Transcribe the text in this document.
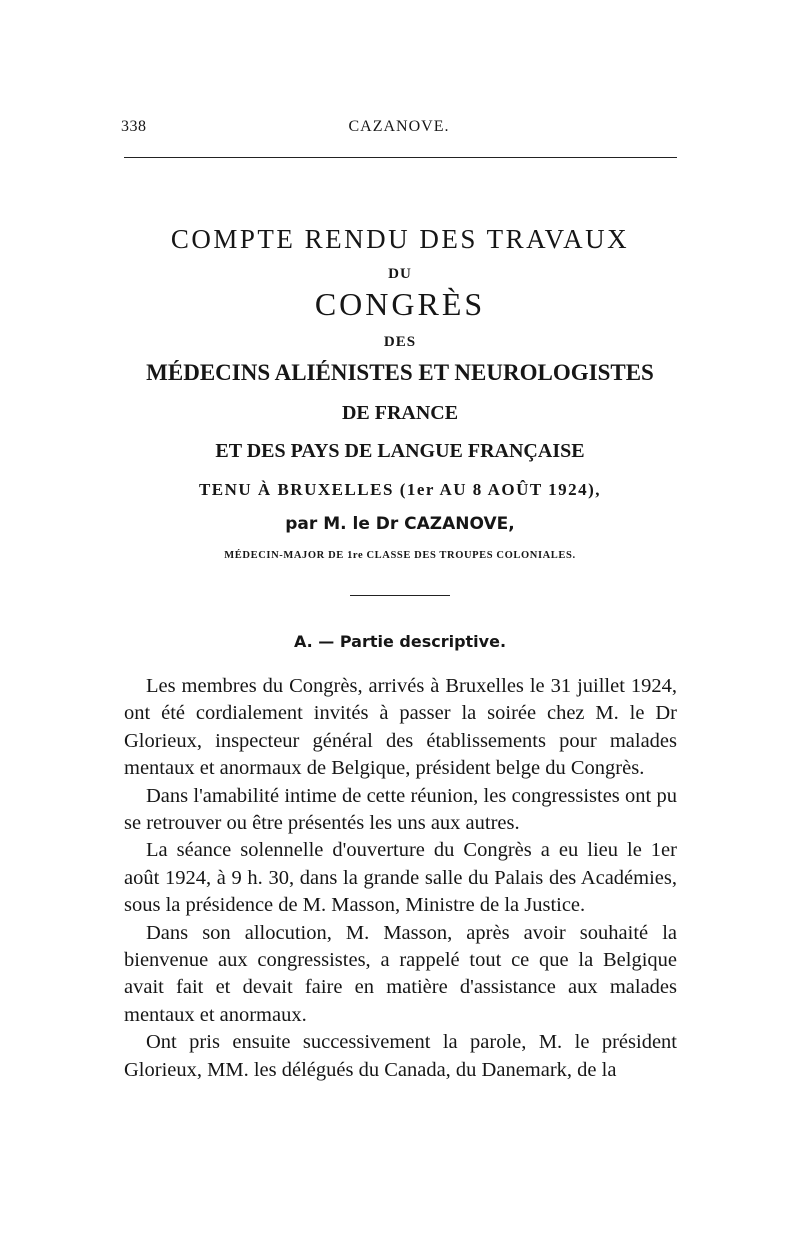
338	CAZANOVE.
COMPTE RENDU DES TRAVAUX
DU
CONGRÈS
DES
MÉDECINS ALIÉNISTES ET NEUROLOGISTES
DE FRANCE
ET DES PAYS DE LANGUE FRANÇAISE
TENU À BRUXELLES (1er AU 8 AOÛT 1924),
par M. le Dr CAZANOVE,
MÉDECIN-MAJOR DE 1re CLASSE DES TROUPES COLONIALES.
A. — Partie descriptive.

Les membres du Congrès, arrivés à Bruxelles le 31 juillet 1924, ont été cordialement invités à passer la soirée chez M. le Dr Glorieux, inspecteur général des établissements pour malades mentaux et anormaux de Belgique, président belge du Congrès.

Dans l'amabilité intime de cette réunion, les congressistes ont pu se retrouver ou être présentés les uns aux autres.

La séance solennelle d'ouverture du Congrès a eu lieu le 1er août 1924, à 9 h. 30, dans la grande salle du Palais des Académies, sous la présidence de M. Masson, Ministre de la Justice.

Dans son allocution, M. Masson, après avoir souhaité la bienvenue aux congressistes, a rappelé tout ce que la Belgique avait fait et devait faire en matière d'assistance aux malades mentaux et anormaux.

Ont pris ensuite successivement la parole, M. le président Glorieux, MM. les délégués du Canada, du Danemark, de la
